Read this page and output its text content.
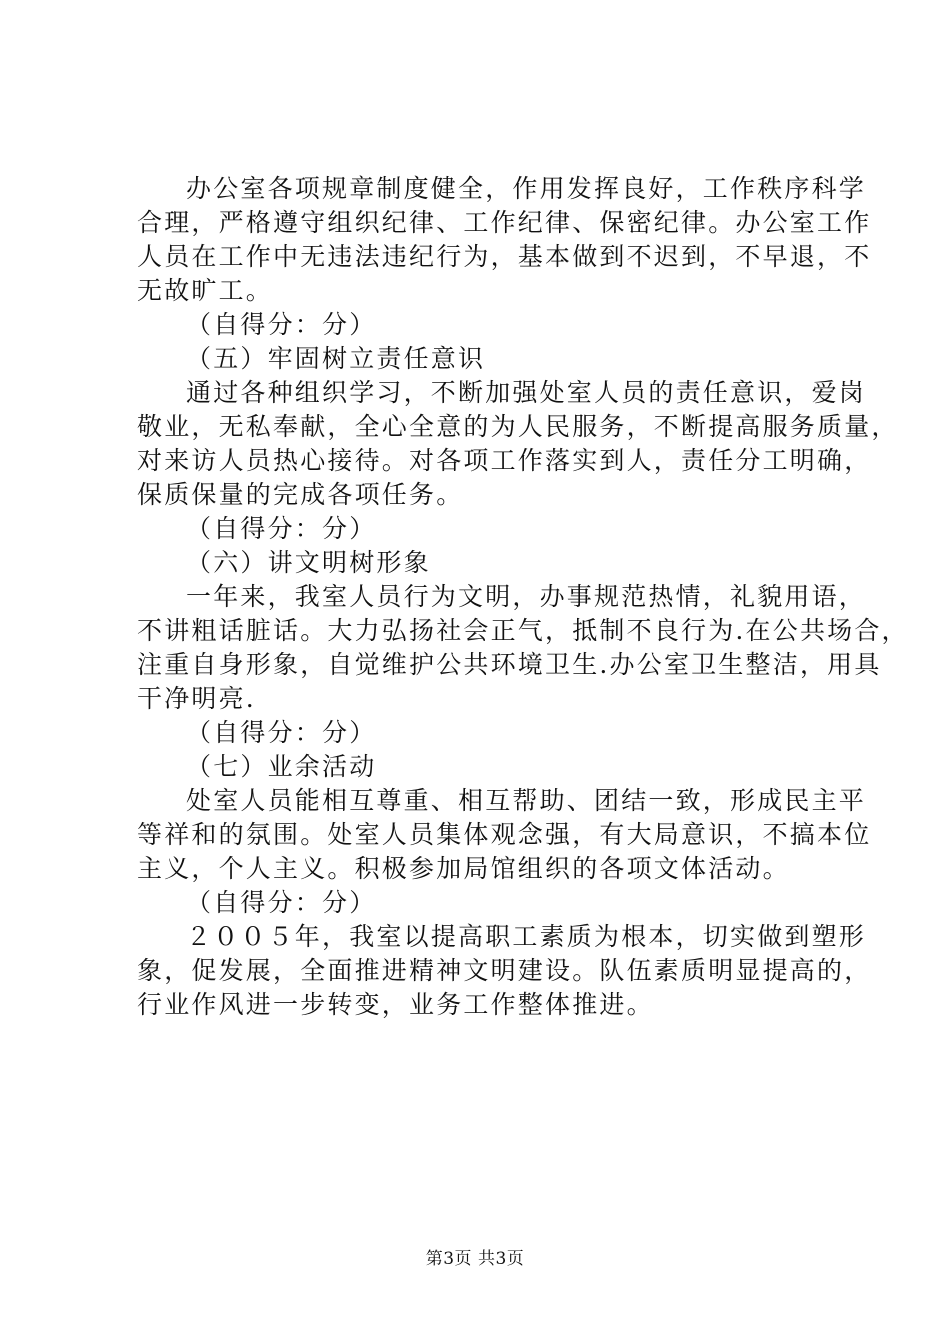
办公室各项规章制度健全，作用发挥良好，工作秩序科学
合理，严格遵守组织纪律、工作纪律、保密纪律。办公室工作
人员在工作中无违法违纪行为，基本做到不迟到，不早退，不
无故旷工。
（自得分：分）
（五）牢固树立责任意识
通过各种组织学习，不断加强处室人员的责任意识，爱岗
敬业，无私奉献，全心全意的为人民服务，不断提高服务质量，
对来访人员热心接待。对各项工作落实到人，责任分工明确，
保质保量的完成各项任务。
（自得分：分）
（六）讲文明树形象
一年来，我室人员行为文明，办事规范热情，礼貌用语，
不讲粗话脏话。大力弘扬社会正气，抵制不良行为.在公共场合，
注重自身形象，自觉维护公共环境卫生.办公室卫生整洁，用具
干净明亮.
（自得分：分）
（七）业余活动
处室人员能相互尊重、相互帮助、团结一致，形成民主平
等祥和的氛围。处室人员集体观念强，有大局意识，不搞本位
主义，个人主义。积极参加局馆组织的各项文体活动。
（自得分：分）
２００５年，我室以提高职工素质为根本，切实做到塑形
象，促发展，全面推进精神文明建设。队伍素质明显提高的，
行业作风进一步转变，业务工作整体推进。
第3页 共3页
